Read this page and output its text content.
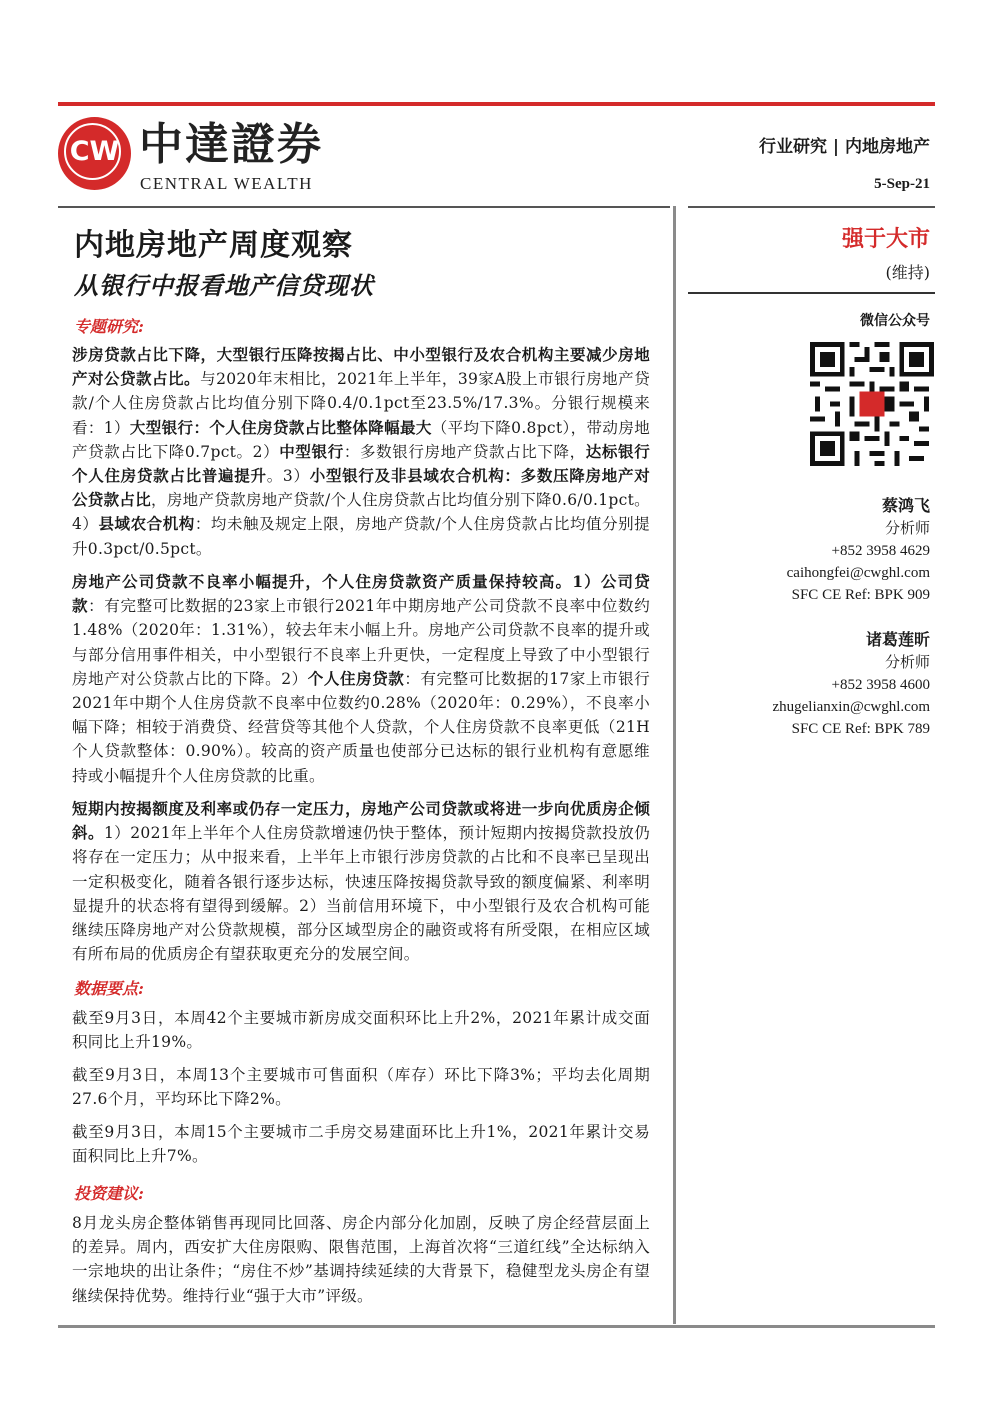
CW 中達證券
CENTRAL WEALTH
行业研究 | 内地房地产
5-Sep-21
内地房地产周度观察
从银行中报看地产信贷现状
强于大市
(维持)
微信公众号
蔡鸿飞
分析师
+852 3958 4629
caihongfei@cwghl.com
SFC CE Ref: BPK 909
诸葛莲昕
分析师
+852 3958 4600
zhugelianxin@cwghl.com
SFC CE Ref: BPK 789
专题研究:
涉房贷款占比下降，大型银行压降按揭占比、中小型银行及农合机构主要减少房地产对公贷款占比。与2020年末相比，2021年上半年，39家A股上市银行房地产贷款/个人住房贷款占比均值分别下降0.4/0.1pct至23.5%/17.3%。分银行规模来看：1）大型银行：个人住房贷款占比整体降幅最大（平均下降0.8pct），带动房地产贷款占比下降0.7pct。2）中型银行：多数银行房地产贷款占比下降，达标银行个人住房贷款占比普遍提升。3）小型银行及非县域农合机构：多数压降房地产对公贷款占比，房地产贷款房地产贷款/个人住房贷款占比均值分别下降0.6/0.1pct。4）县域农合机构：均未触及规定上限，房地产贷款/个人住房贷款占比均值分别提升0.3pct/0.5pct。
房地产公司贷款不良率小幅提升，个人住房贷款资产质量保持较高。1）公司贷款：有完整可比数据的23家上市银行2021年中期房地产公司贷款不良率中位数约1.48%（2020年：1.31%），较去年末小幅上升。房地产公司贷款不良率的提升或与部分信用事件相关，中小型银行不良率上升更快，一定程度上导致了中小型银行房地产对公贷款占比的下降。2）个人住房贷款：有完整可比数据的17家上市银行2021年中期个人住房贷款不良率中位数约0.28%（2020年：0.29%），不良率小幅下降；相较于消费贷、经营贷等其他个人贷款，个人住房贷款不良率更低（21H个人贷款整体：0.90%）。较高的资产质量也使部分已达标的银行业机构有意愿维持或小幅提升个人住房贷款的比重。
短期内按揭额度及利率或仍存一定压力，房地产公司贷款或将进一步向优质房企倾斜。1）2021年上半年个人住房贷款增速仍快于整体，预计短期内按揭贷款投放仍将存在一定压力；从中报来看，上半年上市银行涉房贷款的占比和不良率已呈现出一定积极变化，随着各银行逐步达标，快速压降按揭贷款导致的额度偏紧、利率明显提升的状态将有望得到缓解。2）当前信用环境下，中小型银行及农合机构可能继续压降房地产对公贷款规模，部分区域型房企的融资或将有所受限，在相应区域有所布局的优质房企有望获取更充分的发展空间。
数据要点:
截至9月3日，本周42个主要城市新房成交面积环比上升2%，2021年累计成交面积同比上升19%。
截至9月3日，本周13个主要城市可售面积（库存）环比下降3%；平均去化周期27.6个月，平均环比下降2%。
截至9月3日，本周15个主要城市二手房交易建面环比上升1%，2021年累计交易面积同比上升7%。
投资建议:
8月龙头房企整体销售再现同比回落、房企内部分化加剧，反映了房企经营层面上的差异。周内，西安扩大住房限购、限售范围，上海首次将“三道红线”全达标纳入一宗地块的出让条件；“房住不炒”基调持续延续的大背景下，稳健型龙头房企有望继续保持优势。维持行业“强于大市”评级。
